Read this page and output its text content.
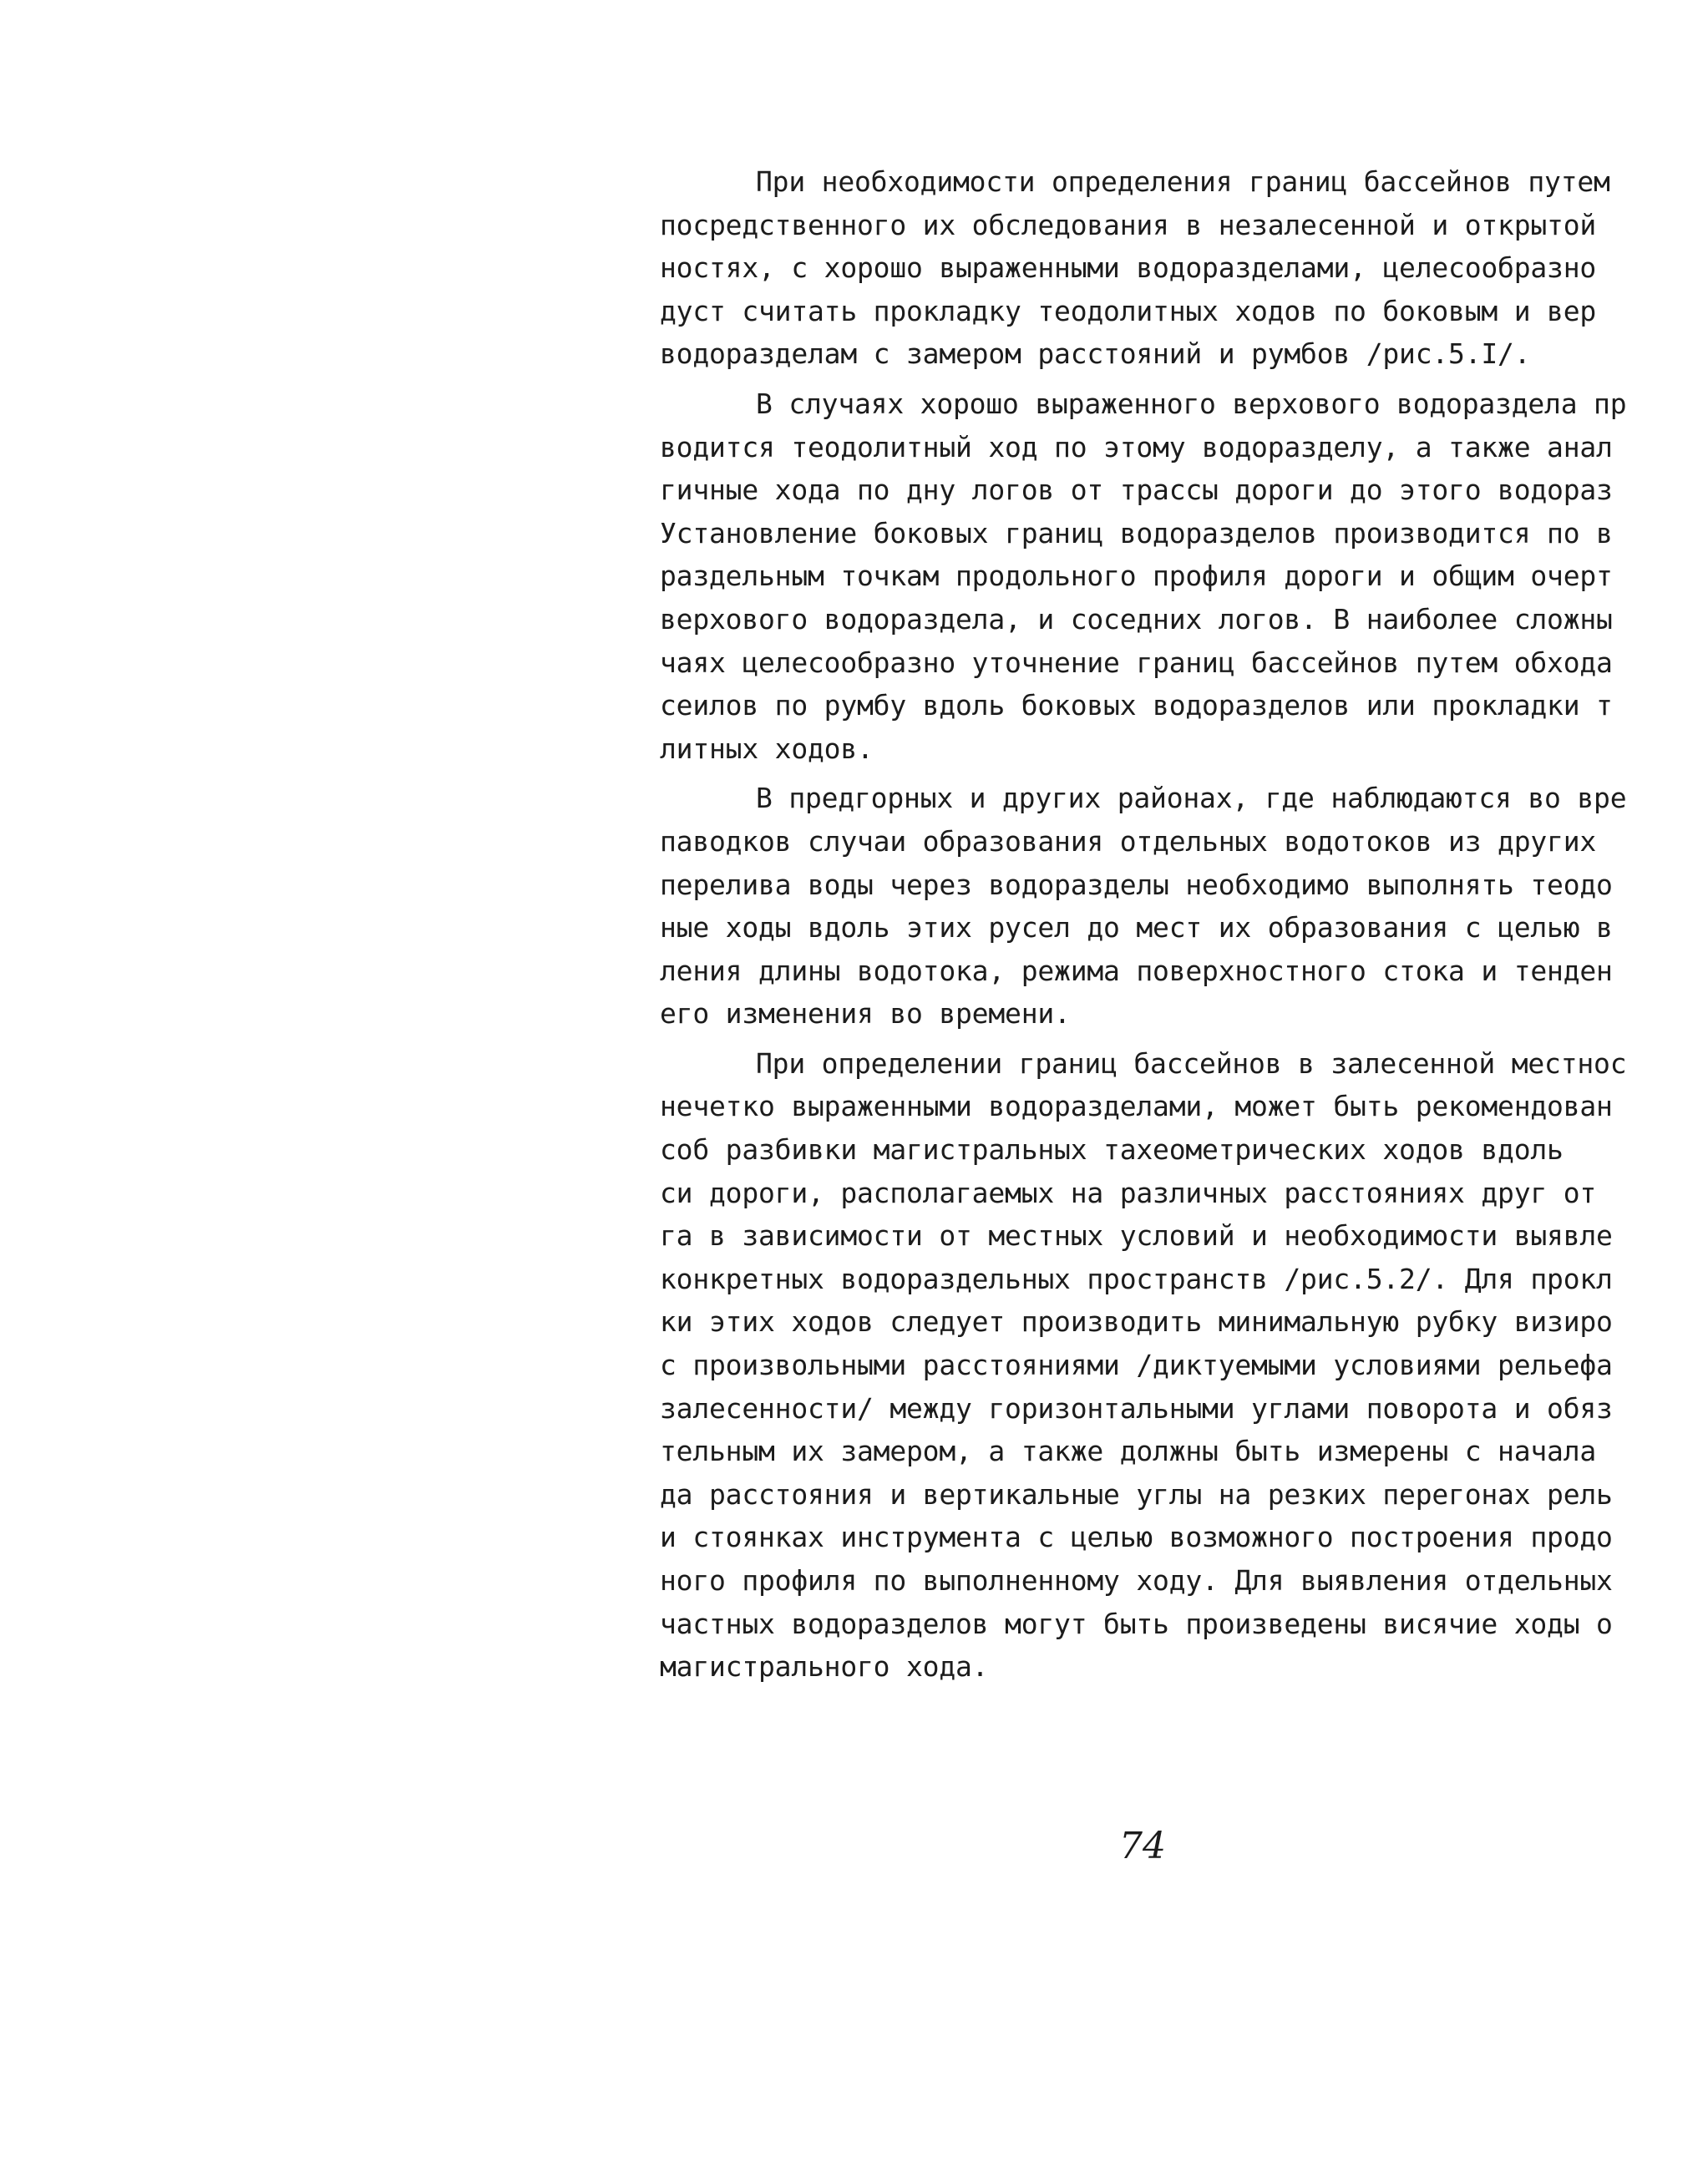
При необходимости определения границ бассейнов путем
посредственного их обследования в незалесенной и открытой
ностях, с хорошо выраженными водоразделами, целесообразно
дуст считать прокладку теодолитных ходов по боковым и вер
водоразделам с замером расстояний и румбов /рис.5.I/.
В случаях хорошо выраженного верхового водораздела пр
водится теодолитный ход по этому водоразделу, а также анал
гичные хода по дну логов от трассы дороги до этого водораз
Установление боковых границ водоразделов производится по в
раздельным точкам продольного профиля дороги и общим очерт
верхового водораздела, и соседних логов. В наиболее сложны
чаях целесообразно уточнение границ бассейнов путем обхода
сеилов по румбу вдоль боковых водоразделов или прокладки т
литных ходов.
В предгорных и других районах, где наблюдаются во вре
паводков случаи образования отдельных водотоков из других
перелива воды через водоразделы необходимо выполнять теодо
ные ходы вдоль этих русел до мест их образования с целью в
ления длины водотока, режима поверхностного стока и тенден
его изменения во времени.
При определении границ бассейнов в залесенной местнос
нечетко выраженными водоразделами, может быть рекомендован
соб разбивки магистральных тахеометрических ходов вдоль
си дороги, располагаемых на различных расстояниях друг от
га в зависимости от местных условий и необходимости выявле
конкретных водораздельных пространств /рис.5.2/. Для прокл
ки этих ходов следует производить минимальную рубку визиро
с произвольными расстояниями /диктуемыми условиями рельефа
залесенности/ между горизонтальными углами поворота и обяз
тельным их замером, а также должны быть измерены с начала
да расстояния и вертикальные углы на резких перегонах рель
и стоянках инструмента с целью возможного построения продо
ного профиля по выполненному ходу. Для выявления отдельных
частных водоразделов могут быть произведены висячие ходы о
магистрального хода.
74
